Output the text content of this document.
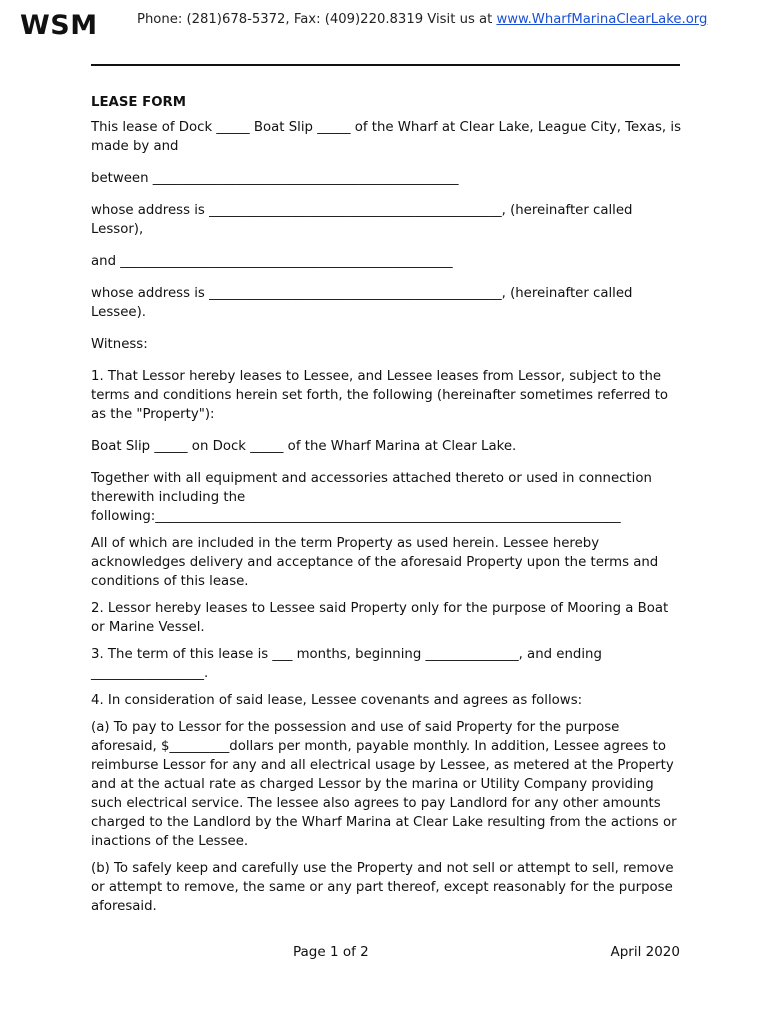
WSM	Phone: (281)678-5372, Fax: (409)220.8319 Visit us at www.WharfMarinaClearLake.org

LEASE FORM

This lease of Dock _____ Boat Slip _____ of the Wharf at Clear Lake, League City, Texas, is made by and

between ______________________________________________

whose address is ____________________________________________, (hereinafter called Lessor),

and __________________________________________________

whose address is ____________________________________________, (hereinafter called Lessee).

Witness:

1. That Lessor hereby leases to Lessee, and Lessee leases from Lessor, subject to the terms and conditions herein set forth, the following (hereinafter sometimes referred to as the "Property"):

Boat Slip _____ on Dock _____ of the Wharf Marina at Clear Lake.

Together with all equipment and accessories attached thereto or used in connection therewith including the following:______________________________________________________________________

All of which are included in the term Property as used herein. Lessee hereby acknowledges delivery and acceptance of the aforesaid Property upon the terms and conditions of this lease.

2. Lessor hereby leases to Lessee said Property only for the purpose of Mooring a Boat or Marine Vessel.

3. The term of this lease is ___ months, beginning ______________, and ending _________________.

4. In consideration of said lease, Lessee covenants and agrees as follows:

(a) To pay to Lessor for the possession and use of said Property for the purpose aforesaid, $_________dollars per month, payable monthly. In addition, Lessee agrees to reimburse Lessor for any and all electrical usage by Lessee, as metered at the Property and at the actual rate as charged Lessor by the marina or Utility Company providing such electrical service. The lessee also agrees to pay Landlord for any other amounts charged to the Landlord by the Wharf Marina at Clear Lake resulting from the actions or inactions of the Lessee.

(b) To safely keep and carefully use the Property and not sell or attempt to sell, remove or attempt to remove, the same or any part thereof, except reasonably for the purpose aforesaid.

Page 1 of 2	April 2020
